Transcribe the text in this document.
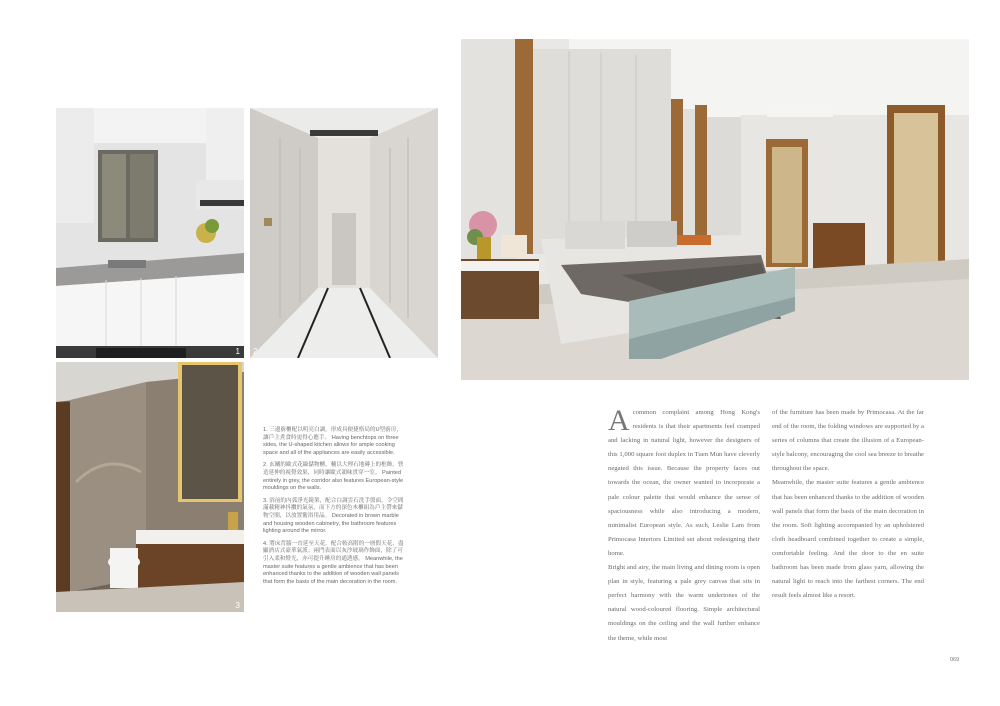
1 2
3

1. 三邊廚櫃配以明亮白調，形成具便捷格局的U型廚房，讓戶主煮食時更得心應手。 Having benchtops on three sides, the U-shaped kitchen allows for ample cooking space and all of the appliances are easily accessible.

2. 玄關的歐式花線儲物櫃，輔以大理石地磚上的框飾，營造延伸的視覺效果，同時讓歐式韻味貫穿一室。 Painted entirely in grey, the corridor also features European-style mouldings on the walls.

3. 浴前的內弧淨光鏡架，配合白調雲石洗手盤面，令空間滿載精神抖擻的氣氛，而下方的深色木櫃組為戶主帶來儲物空間，以放置衛浴用品。 Decorated in brown marble and housing wooden cabinetry, the bathroom features lighting around the mirror.

4. 將床背牆一直延至天花，配合較高階的一層假天花，盡顯酒店式豪華氣派；兩門表面以灰沙玻璃作飾面，除了可引入柔和燈光，亦可提升睡房的通透感。 Meanwhile, the master suite features a gentle ambience that has been enhanced thanks to the addition of wooden wall panels that form the basis of the main decoration in the room.

Acommon complaint among Hong Kong's residents is that their apartments feel cramped and lacking in natural light, however the designers of this 1,000 square foot duplex in Tuen Mun have cleverly negated this issue. Because the property faces out towards the ocean, the owner wanted to incorporate a pale colour palette that would enhance the sense of spaciousness while also introducing a modern, minimalist European style. As such, Leslie Lam from Primocasa Interiors Limited set about redesigning their home.

Bright and airy, the main living and dining room is open plan in style, featuring a pale grey canvas that sits in perfect harmony with the warm undertones of the natural wood-coloured flooring. Simple architectural mouldings on the ceiling and the wall further enhance the theme, while most

of the furniture has been made by Primocasa. At the far end of the room, the folding windows are supported by a series of columns that create the illusion of a European-style balcony, encouraging the cool sea breeze to breathe throughout the space.

Meanwhile, the master suite features a gentle ambience that has been enhanced thanks to the addition of wooden wall panels that form the basis of the main decoration in the room. Soft lighting accompanied by an upholstered cloth headboard combined together to create a simple, comfortable feeling. And the door to the en suite bathroom has been made from glass yarn, allowing the natural light to reach into the farthest corners. The end result feels almost like a resort.

069
